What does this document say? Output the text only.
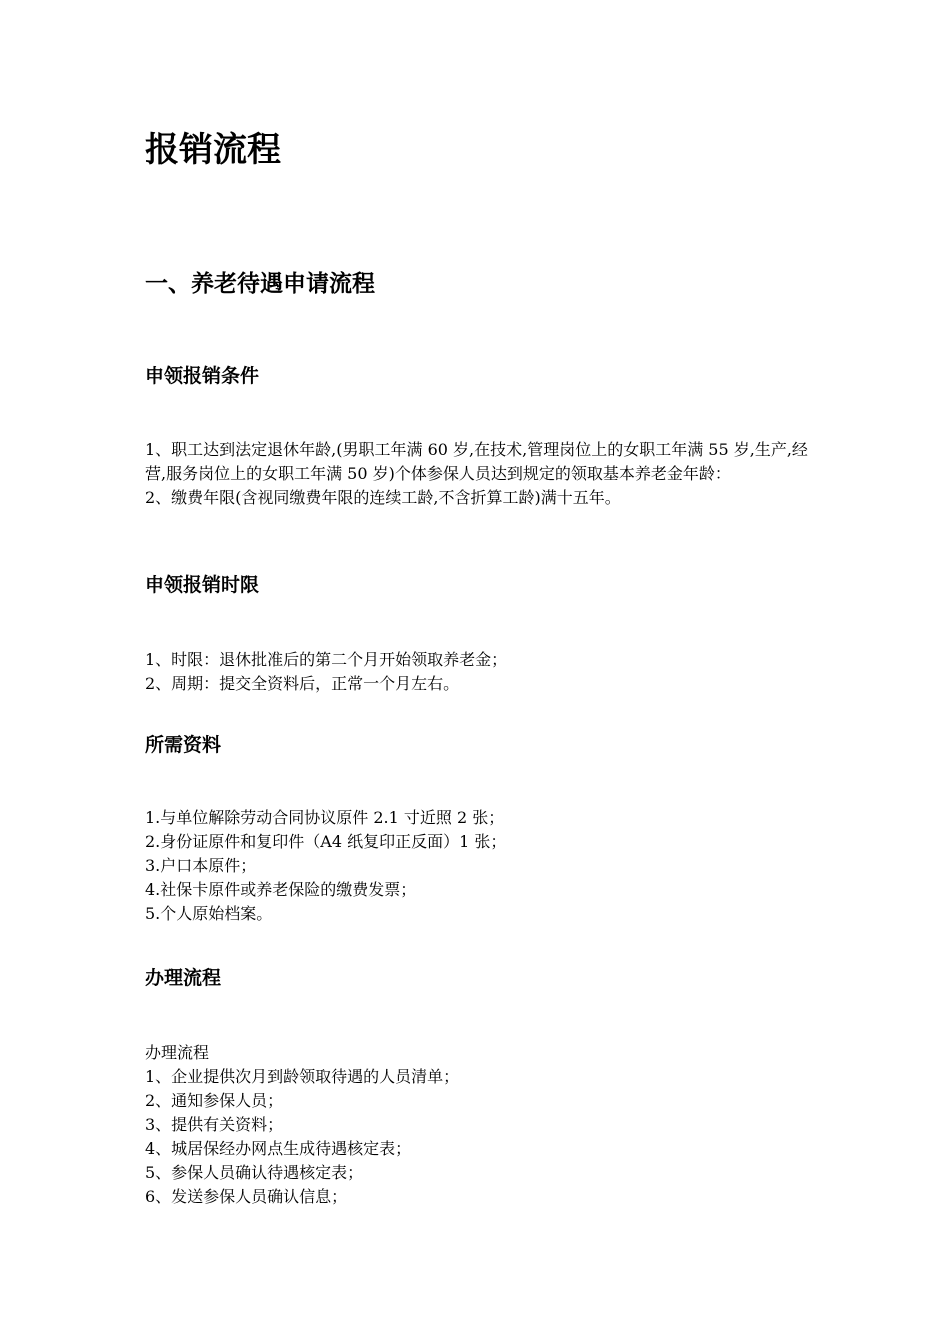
报销流程
一、养老待遇申请流程
申领报销条件

1、职工达到法定退休年龄,(男职工年满 60 岁,在技术,管理岗位上的女职工年满 55 岁,生产,经营,服务岗位上的女职工年满 50 岁)个体参保人员达到规定的领取基本养老金年龄：

2、缴费年限(含视同缴费年限的连续工龄,不含折算工龄)满十五年。

申领报销时限

1、时限：退休批准后的第二个月开始领取养老金；

2、周期：提交全资料后，正常一个月左右。

所需资料

1.与单位解除劳动合同协议原件 2.1 寸近照 2 张；

2.身份证原件和复印件（A4 纸复印正反面）1 张；

3.户口本原件；

4.社保卡原件或养老保险的缴费发票；

5.个人原始档案。

办理流程

办理流程

1、企业提供次月到龄领取待遇的人员清单；

2、通知参保人员；

3、提供有关资料；

4、城居保经办网点生成待遇核定表；

5、参保人员确认待遇核定表；

6、发送参保人员确认信息；
